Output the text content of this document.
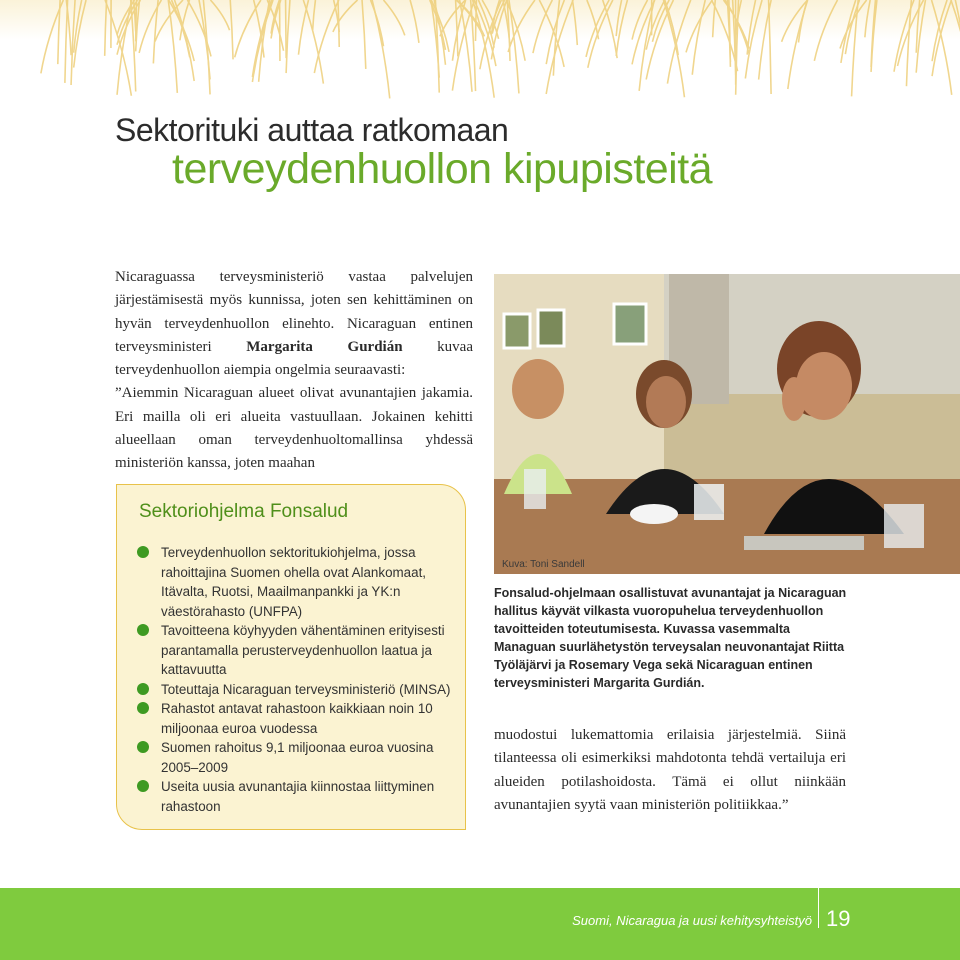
Sektorituki auttaa ratkomaan
terveydenhuollon kipupisteitä

Nicaraguassa terveysministeriö vastaa palvelujen järjestämisestä myös kunnissa, joten sen kehittäminen on hyvän terveydenhuollon elinehto. Nicaraguan entinen terveysministeri Margarita Gurdián kuvaa terveydenhuollon aiempia ongelmia seuraavasti:
”Aiemmin Nicaraguan alueet olivat avunantajien jakamia. Eri mailla oli eri alueita vastuullaan. Jokainen kehitti alueellaan oman terveydenhuoltomallinsa yhdessä ministeriön kanssa, joten maahan

Kuva: Toni Sandell

Fonsalud-ohjelmaan osallistuvat avunantajat ja Nicaraguan hallitus käyvät vilkasta vuoropuhelua terveydenhuollon tavoitteiden toteutumisesta. Kuvassa vasemmalta Managuan suurlähetystön terveysalan neuvonantajat Riitta Työläjärvi ja Rosemary Vega sekä Nicaraguan entinen terveysministeri Margarita Gurdián.

Sektoriohjelma Fonsalud
Terveydenhuollon sektoritukiohjelma, jossa rahoittajina Suomen ohella ovat Alankomaat, Itävalta, Ruotsi, Maailmanpankki ja YK:n väestörahasto (UNFPA)
Tavoitteena köyhyyden vähentäminen erityisesti parantamalla perusterveydenhuollon laatua ja kattavuutta
Toteuttaja Nicaraguan terveysministeriö (MINSA)
Rahastot antavat rahastoon kaikkiaan noin 10 miljoonaa euroa vuodessa
Suomen rahoitus 9,1 miljoonaa euroa vuosina 2005–2009
Useita uusia avunantajia kiinnostaa liittyminen rahastoon

muodostui lukemattomia erilaisia järjestelmiä. Siinä tilanteessa oli esimerkiksi mahdotonta tehdä vertailuja eri alueiden potilashoidosta. Tämä ei ollut niinkään avunantajien syytä vaan ministeriön politiikkaa.”

Suomi, Nicaragua ja uusi kehitysyhteistyö 19
